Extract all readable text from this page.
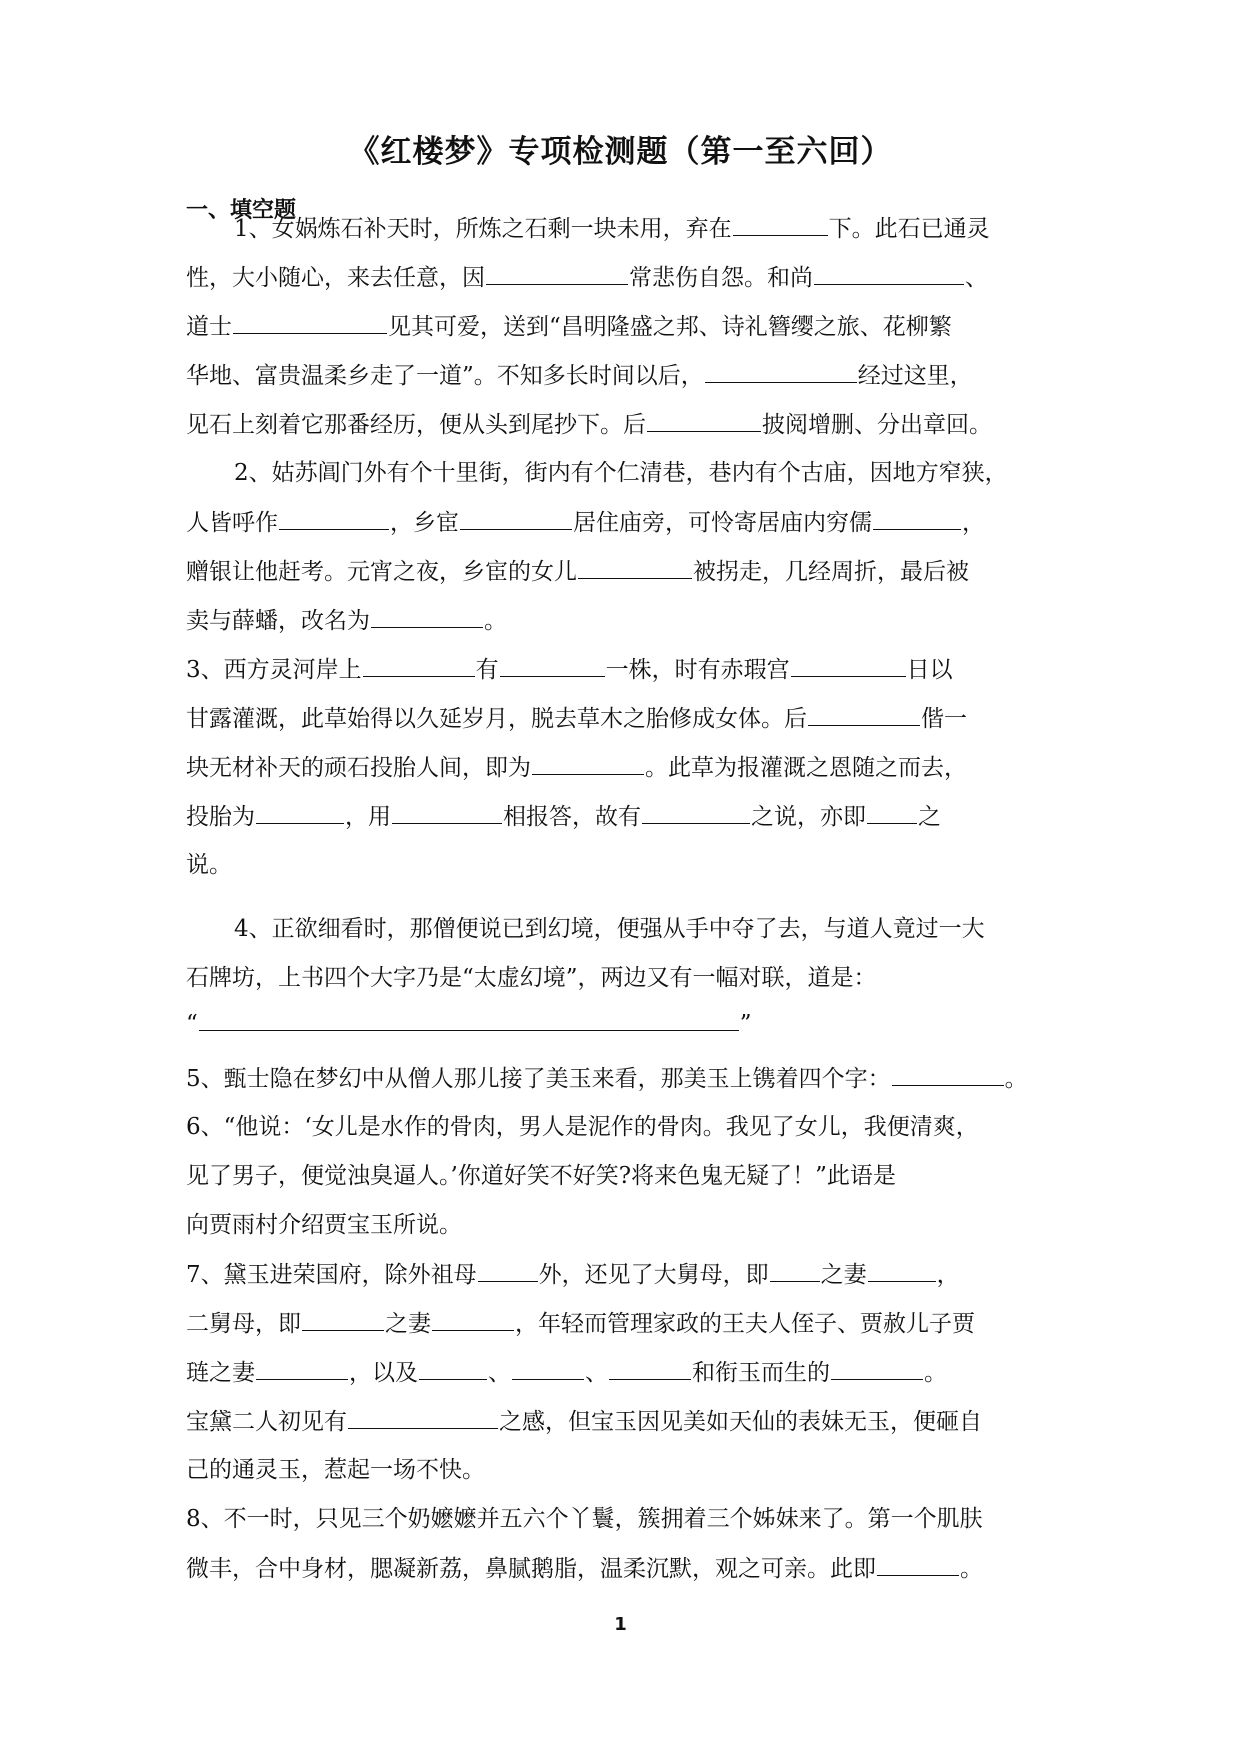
《红楼梦》专项检测题（第一至六回）
一、填空题
1、女娲炼石补天时，所炼之石剩一块未用，弃在	下。此石已通灵
性，大小随心，来去任意，因	常悲伤自怨。和尚	、
道士	见其可爱，送到“昌明隆盛之邦、诗礼簪缨之旅、花柳繁
华地、富贵温柔乡走了一道”。不知多长时间以后，	经过这里，
见石上刻着它那番经历，便从头到尾抄下。后	披阅增删、分出章回。
2、姑苏阊门外有个十里街，街内有个仁清巷，巷内有个古庙，因地方窄狭，
人皆呼作	，乡宦	居住庙旁，可怜寄居庙内穷儒	，
赠银让他赶考。元宵之夜，乡宦的女儿	被拐走，几经周折，最后被
卖与薛蟠，改名为	。
3、西方灵河岸上	有	一株，时有赤瑕宫	日以
甘露灌溉，此草始得以久延岁月，脱去草木之胎修成女体。后	偕一
块无材补天的顽石投胎人间，即为	。此草为报灌溉之恩随之而去，
投胎为	，用	相报答，故有	之说，亦即 之
说。
4、正欲细看时，那僧便说已到幻境，便强从手中夺了去，与道人竟过一大
石牌坊，上书四个大字乃是“太虚幻境”，两边又有一幅对联，道是：
“	”
5、甄士隐在梦幻中从僧人那儿接了美玉来看，那美玉上镌着四个字：	。
6、“他说：‘女儿是水作的骨肉，男人是泥作的骨肉。我见了女儿，我便清爽，
见了男子，便觉浊臭逼人。’你道好笑不好笑?将来色鬼无疑了！”此语是
向贾雨村介绍贾宝玉所说。
7、黛玉进荣国府，除外祖母	外，还见了大舅母，即 之妻	，
二舅母，即	之妻	，年轻而管理家政的王夫人侄子、贾赦儿子贾
琏之妻	，以及	、	、	和衔玉而生的	。
宝黛二人初见有	之感，但宝玉因见美如天仙的表妹无玉，便砸自
己的通灵玉，惹起一场不快。
8、不一时，只见三个奶嬷嬷并五六个丫鬟，簇拥着三个姊妹来了。第一个肌肤
微丰，合中身材，腮凝新荔，鼻腻鹅脂，温柔沉默，观之可亲。此即	。
1
